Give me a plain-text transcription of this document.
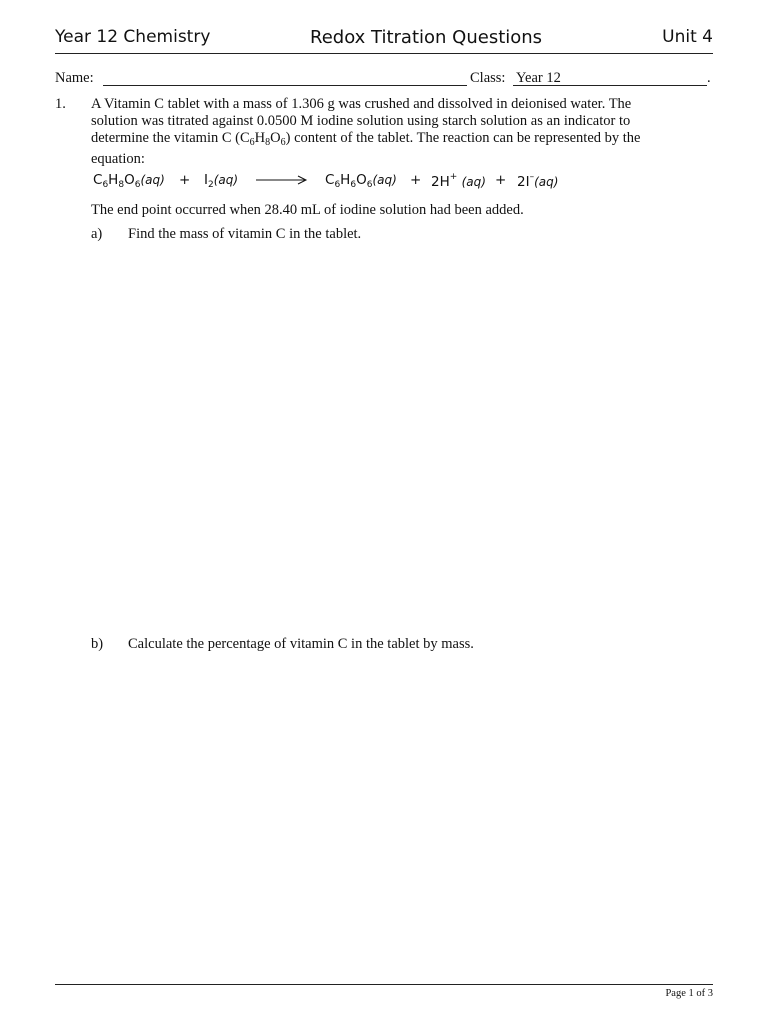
Year 12 Chemistry	Redox Titration Questions	Unit 4
Name:	Class: Year 12	.
1. A Vitamin C tablet with a mass of 1.306 g was crushed and dissolved in deionised water. The
solution was titrated against 0.0500 M iodine solution using starch solution as an indicator to
determine the vitamin C $(C_6H_8O_6)$ content of the tablet. The reaction can be represented by the
equation:
$C_6H_8O_6(aq) + I_2(aq) \to C_6H_6O_6(aq) + 2H^+$ (aq) + 2I–(aq)
The end point occurred when 28.40 mL of iodine solution had been added.
a) Find the mass of vitamin C in the tablet.
b) Calculate the percentage of vitamin C in the tablet by mass.
Page 1 of 3
